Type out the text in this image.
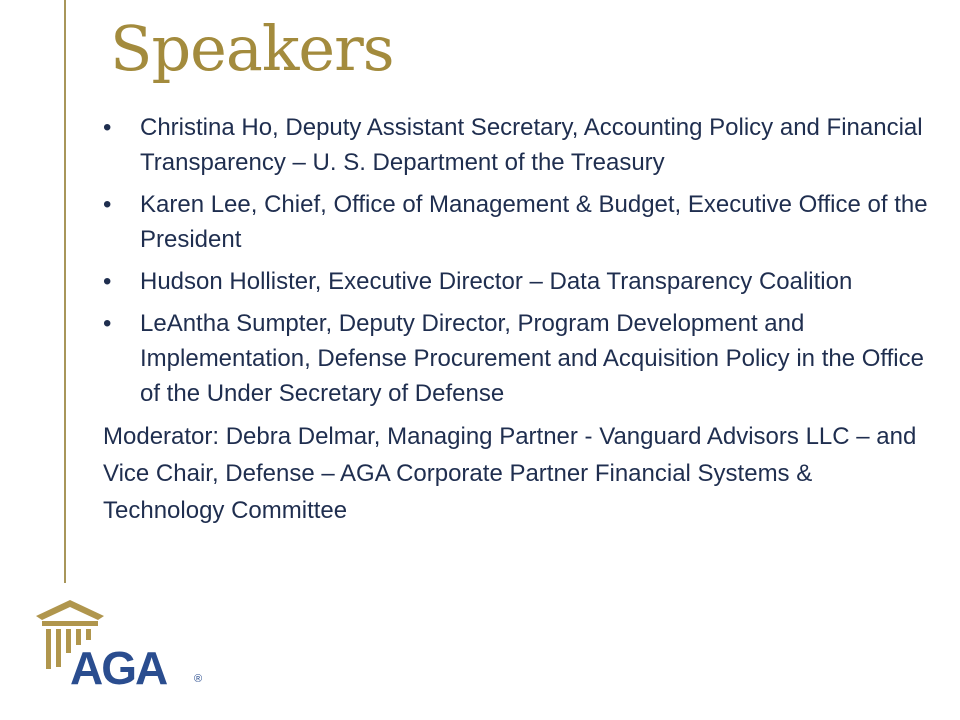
Speakers
• Christina Ho, Deputy Assistant Secretary, Accounting Policy and Financial Transparency – U. S. Department of the Treasury
• Karen Lee, Chief, Office of Management & Budget, Executive Office of the President
• Hudson Hollister, Executive Director – Data Transparency Coalition
• LeAntha Sumpter, Deputy Director, Program Development and Implementation, Defense Procurement and Acquisition Policy in the Office of the Under Secretary of Defense

Moderator: Debra Delmar, Managing Partner - Vanguard Advisors LLC – and Vice Chair, Defense – AGA Corporate Partner Financial Systems & Technology Committee

AGA	®
